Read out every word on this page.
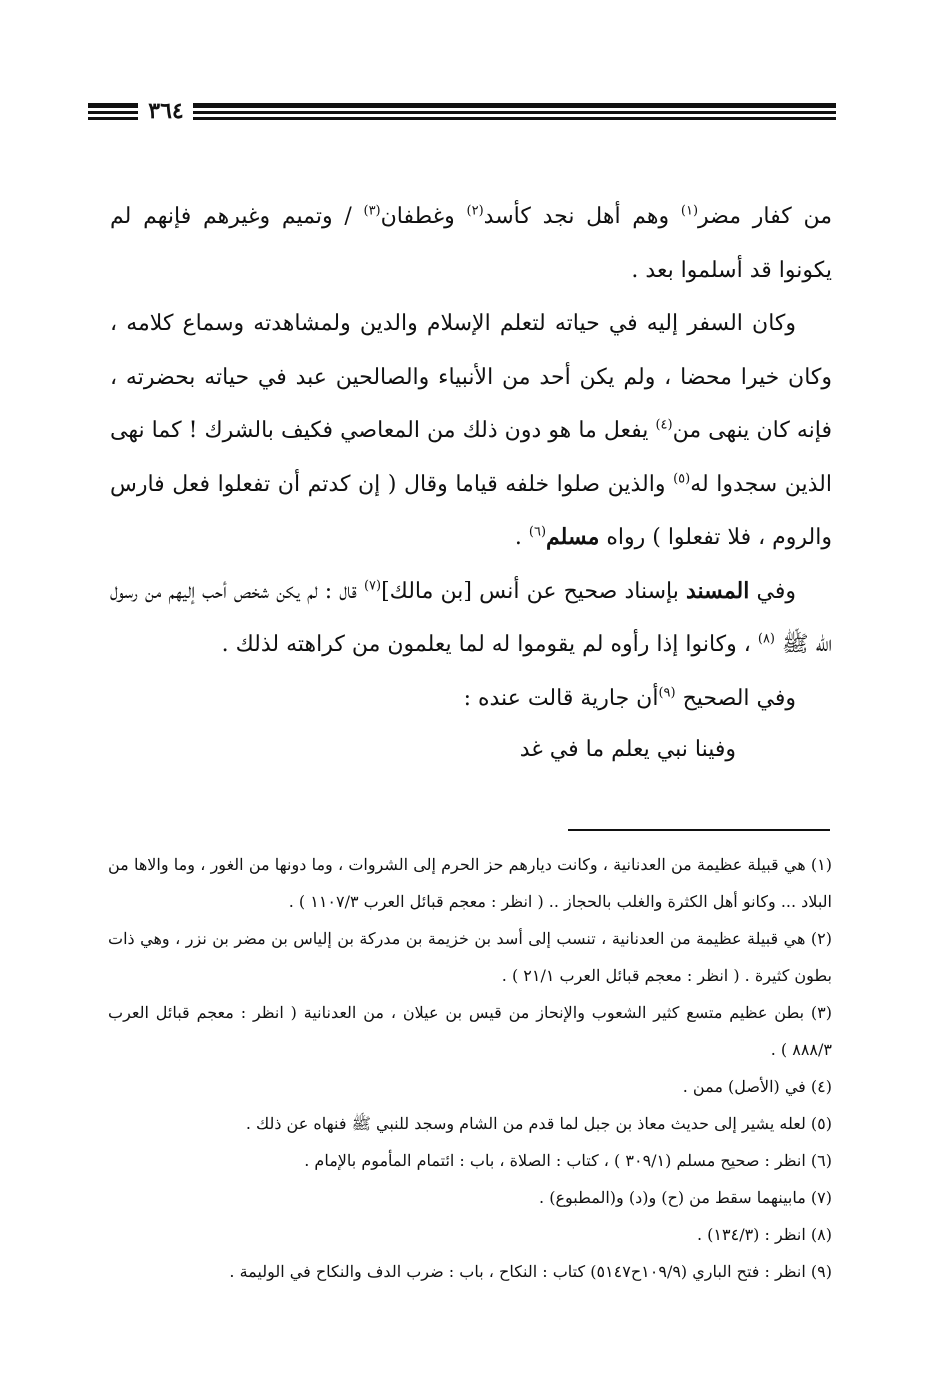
٣٦٤

من كفار مضر$^{(١)}$ وهم أهل نجد كأسد$^{(٢)}$ وغطفان$^{(٣)}$ / وتميم وغيرهم فإنهم لم يكونوا قد أسلموا بعد .

وكان السفر إليه في حياته لتعلم الإسلام والدين ولمشاهدته وسماع كلامه ، وكان خيرا محضا ، ولم يكن أحد من الأنبياء والصالحين عبد في حياته بحضرته ، فإنه كان ينهى من$^{(٤)}$ يفعل ما هو دون ذلك من المعاصي فكيف بالشرك ! كما نهى الذين سجدوا له$^{(٥)}$ والذين صلوا خلفه قياما وقال ( إن كدتم أن تفعلوا فعل فارس والروم ، فلا تفعلوا ) رواه مسلم$^{(٦)}$ .

وفي المسند بإسناد صحيح عن أنس [بن مالك]$^{(٧)}$ قال : لم يكن شخص أحب إليهم من رسول الله ﷺ $^{(٨)}$ ، وكانوا إذا رأوه لم يقوموا له لما يعلمون من كراهته لذلك .

وفي الصحيح $^{(٩)}$أن جارية قالت عنده :

وفينا نبي يعلم ما في غد

(١) هي قبيلة عظيمة من العدنانية ، وكانت ديارهم حز الحرم إلى الشروات ، وما دونها من الغور ، وما والاها من البلاد ... وكانو أهل الكثرة والغلب بالحجاز .. ( انظر : معجم قبائل العرب ١١٠٧/٣ ) .

(٢) هي قبيلة عظيمة من العدنانية ، تنسب إلى أسد بن خزيمة بن مدركة بن إلياس بن مضر بن نزر ، وهي ذات بطون كثيرة . ( انظر : معجم قبائل العرب ٢١/١ ) .

(٣) بطن عظيم متسع كثير الشعوب والإنحاز من قيس بن عيلان ، من العدنانية ( انظر : معجم قبائل العرب ٨٨٨/٣ ) .

(٤) في (الأصل) ممن .

(٥) لعله يشير إلى حديث معاذ بن جبل لما قدم من الشام وسجد للنبي ﷺ فنهاه عن ذلك .

(٦) انظر : صحيح مسلم (٣٠٩/١ ) ، كتاب : الصلاة ، باب : ائتمام المأموم بالإمام .

(٧) مابينهما سقط من (ح) و(د) و(المطبوع) .

(٨) انظر : (١٣٤/٣) .

(٩) انظر : فتح الباري (١٠٩/٩ح٥١٤٧) كتاب : النكاح ، باب : ضرب الدف والنكاح في الوليمة .
